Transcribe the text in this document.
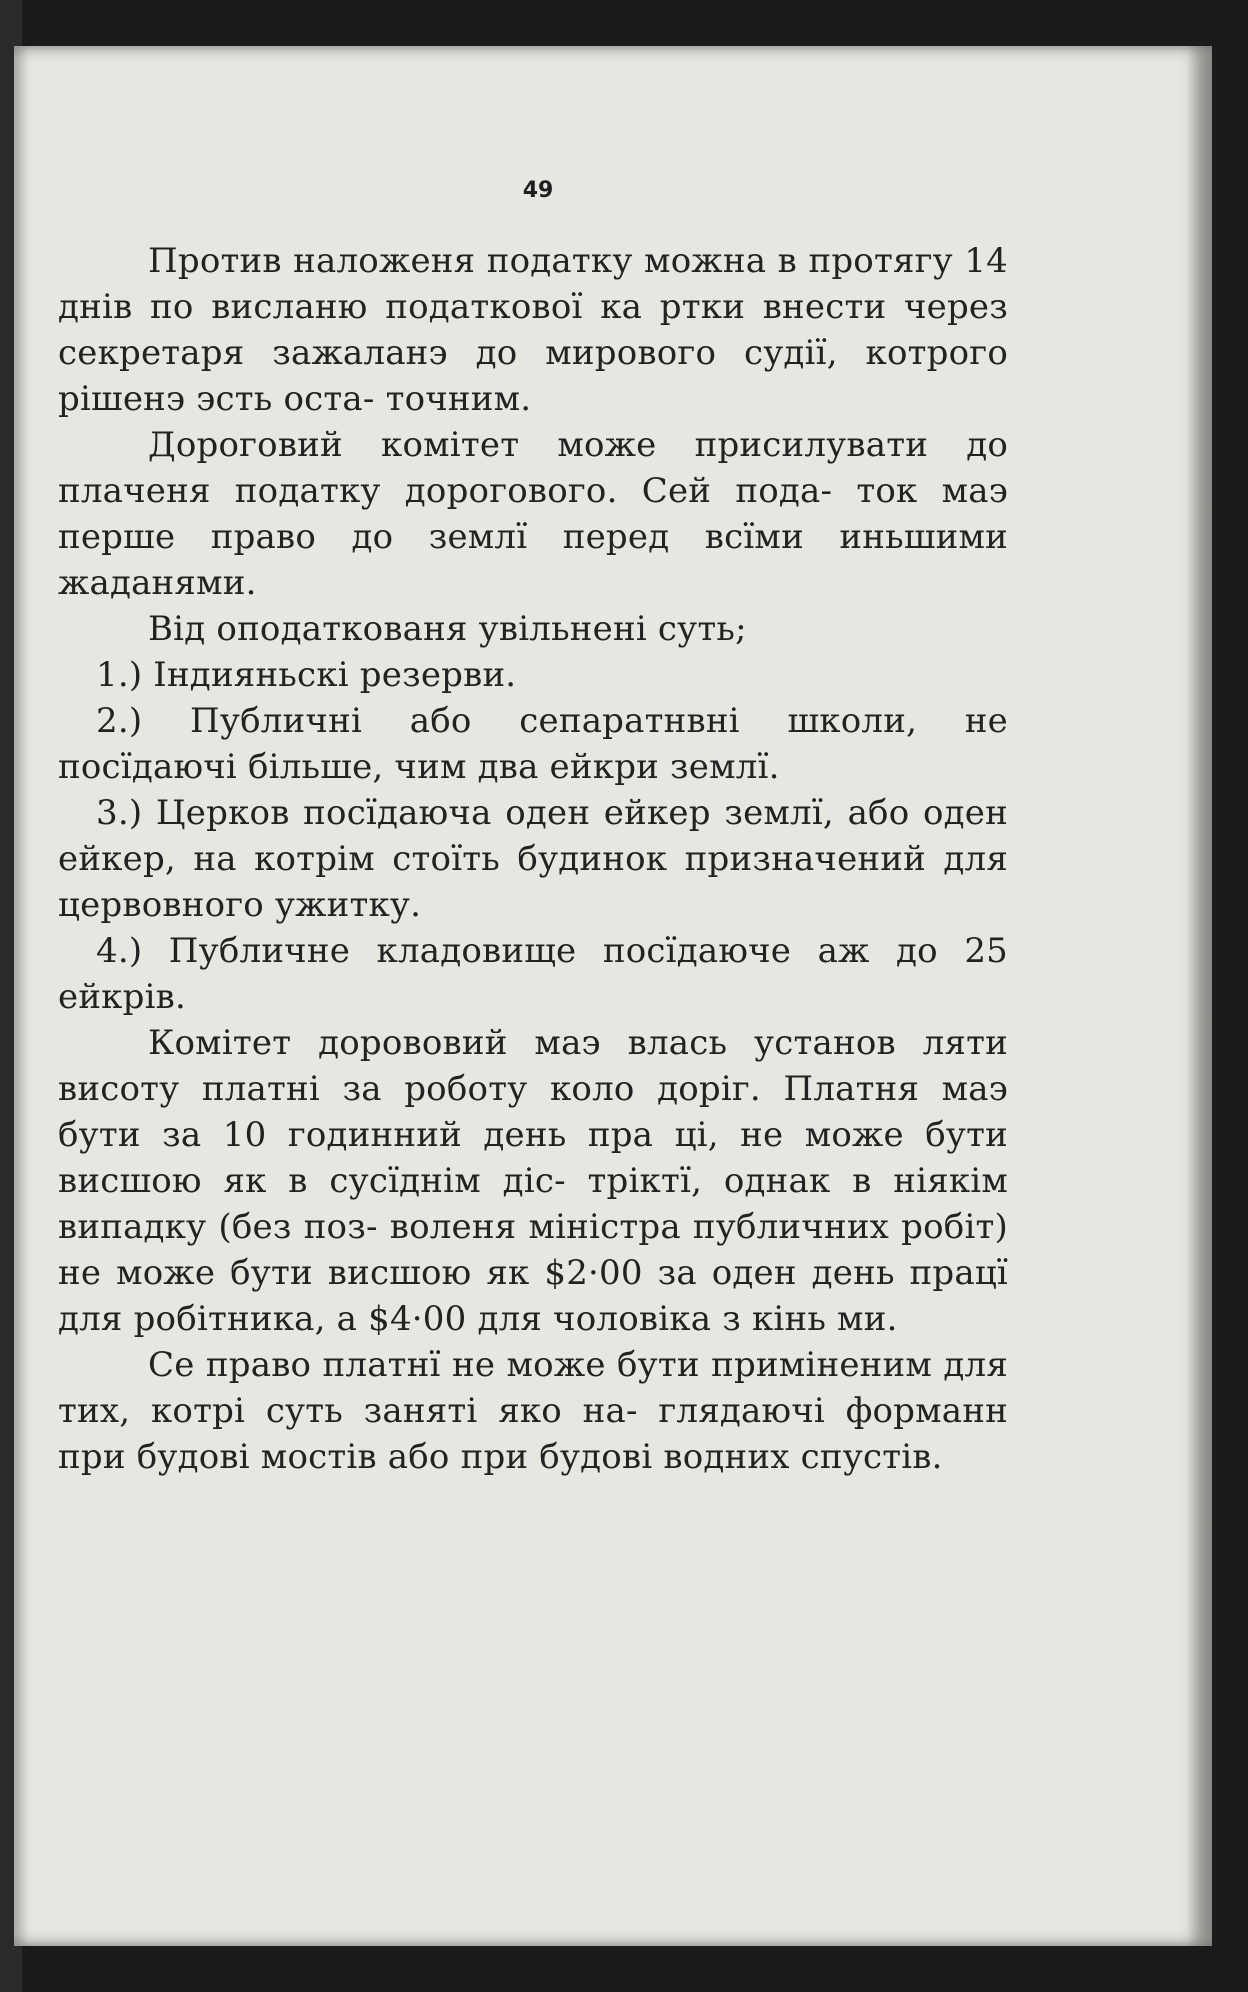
49

Против наложеня податку можна в протягу 14 днів по висланю податкової ка ртки внести через секретаря зажаланэ до мирового судії, котрого рішенэ эсть оста- точним.

Дороговий комітет може присилувати до плаченя податку дорогового. Сей пода- ток маэ перше право до землї перед всїми иньшими жаданями.

Від оподаткованя увільнені суть;

1.) Індияньскі резерви.

2.) Публичні або сепаратнвні школи, не посїдаючі більше, чим два ейкри землї.

3.) Церков посїдаюча оден ейкер землї, або оден ейкер, на котрім стоїть будинок призначений для цервовного ужитку.

4.) Публичне кладовище посїдаюче аж до 25 ейкрів.

Комітет дорововий маэ влась установ ляти висоту платні за роботу коло доріг. Платня маэ бути за 10 годинний день пра ці, не може бути висшою як в сусїднім діс- тріктї, однак в ніякім випадку (без поз- воленя міністра публичних робіт) не може бути висшою як $2·00 за оден день працї для робітника, а $4·00 для чоловіка з кінь ми.

Се право платнї не може бути приміненим для тих, котрі суть заняті яко на- глядаючі форманн при будові мостів або при будові водних спустів.
